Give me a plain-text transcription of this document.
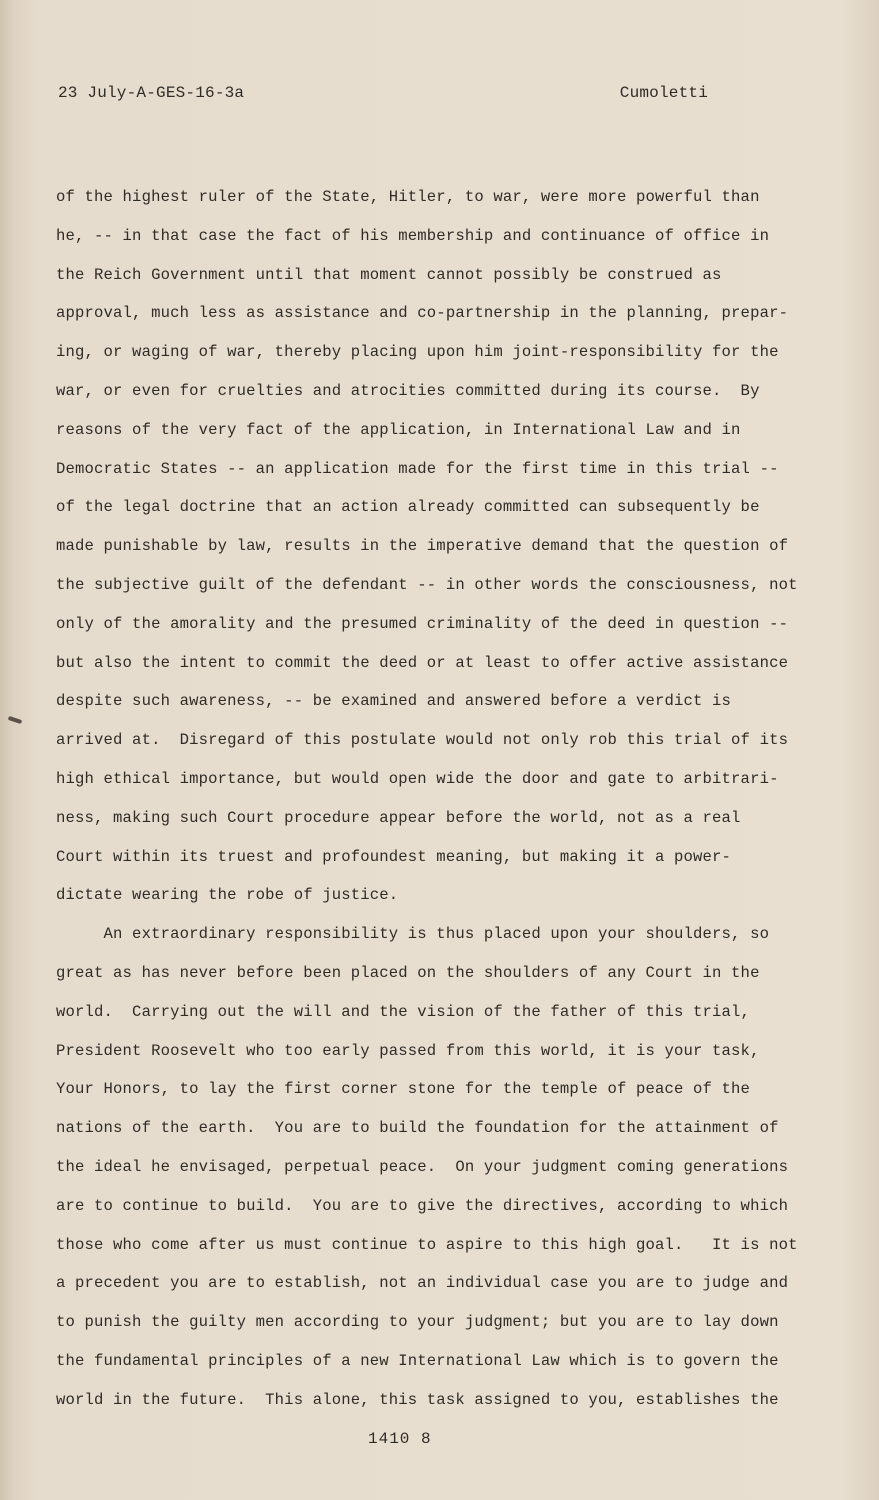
23 July-A-GES-16-3a	Cumoletti
of the highest ruler of the State, Hitler, to war, were more powerful than
he, -- in that case the fact of his membership and continuance of office in
the Reich Government until that moment cannot possibly be construed as
approval, much less as assistance and co-partnership in the planning, prepar-
ing, or waging of war, thereby placing upon him joint-responsibility for the
war, or even for cruelties and atrocities committed during its course.  By
reasons of the very fact of the application, in International Law and in
Democratic States -- an application made for the first time in this trial --
of the legal doctrine that an action already committed can subsequently be
made punishable by law, results in the imperative demand that the question of
the subjective guilt of the defendant -- in other words the consciousness, not
only of the amorality and the presumed criminality of the deed in question --
but also the intent to commit the deed or at least to offer active assistance
despite such awareness, -- be examined and answered before a verdict is
arrived at.  Disregard of this postulate would not only rob this trial of its
high ethical importance, but would open wide the door and gate to arbitrari-
ness, making such Court procedure appear before the world, not as a real
Court within its truest and profoundest meaning, but making it a power-
dictate wearing the robe of justice.
An extraordinary responsibility is thus placed upon your shoulders, so
great as has never before been placed on the shoulders of any Court in the
world.  Carrying out the will and the vision of the father of this trial,
President Roosevelt who too early passed from this world, it is your task,
Your Honors, to lay the first corner stone for the temple of peace of the
nations of the earth.  You are to build the foundation for the attainment of
the ideal he envisaged, perpetual peace.  On your judgment coming generations
are to continue to build.  You are to give the directives, according to which
those who come after us must continue to aspire to this high goal.   It is not
a precedent you are to establish, not an individual case you are to judge and
to punish the guilty men according to your judgment; but you are to lay down
the fundamental principles of a new International Law which is to govern the
world in the future.  This alone, this task assigned to you, establishes the
1410 8
